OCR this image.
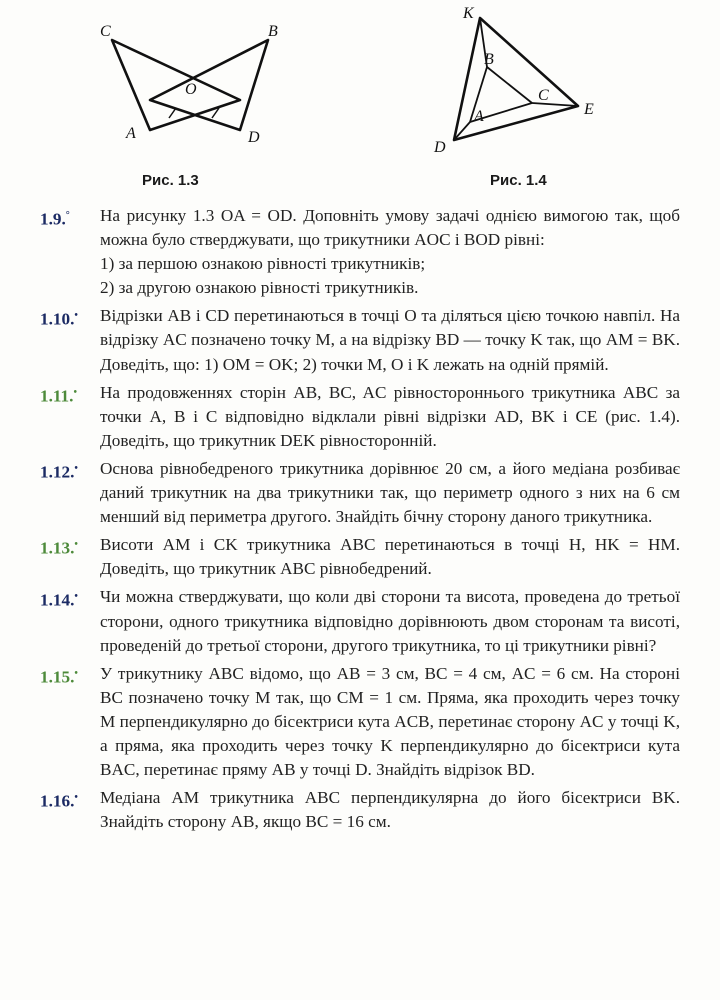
C	B
O
A	D
K
B
C
A	E
D
Рис. 1.3	Рис. 1.4
1.9.° На рисунку 1.3 OA = OD. Доповніть умову задачі однією вимогою так, щоб можна було стверджувати, що трикутники AOC і BOD рівні:
1) за першою ознакою рівності трикутників;
2) за другою ознакою рівності трикутників.
1.10.• Відрізки AB і CD перетинаються в точці O та діляться цією точкою навпіл. На відрізку AC позначено точку M, а на відрізку BD — точку K так, що AM = BK. Доведіть, що: 1) OM = OK; 2) точки M, O і K лежать на одній прямій.
1.11.• На продовженнях сторін AB, BC, AC рівностороннього трикутника ABC за точки A, B і C відповідно відклали рівні відрізки AD, BK і CE (рис. 1.4). Доведіть, що трикутник DEK рівносторонній.
1.12.• Основа рівнобедреного трикутника дорівнює 20 см, а його медіана розбиває даний трикутник на два трикутники так, що периметр одного з них на 6 см менший від периметра другого. Знайдіть бічну сторону даного трикутника.
1.13.• Висоти AM і CK трикутника ABC перетинаються в точці H, HK = HM. Доведіть, що трикутник ABC рівнобедрений.
1.14.• Чи можна стверджувати, що коли дві сторони та висота, проведена до третьої сторони, одного трикутника відповідно дорівнюють двом сторонам та висоті, проведеній до третьої сторони, другого трикутника, то ці трикутники рівні?
1.15.• У трикутнику ABC відомо, що AB = 3 см, BC = 4 см, AC = 6 см. На стороні BC позначено точку M так, що CM = 1 см. Пряма, яка проходить через точку M перпендикулярно до бісектриси кута ACB, перетинає сторону AC у точці K, а пряма, яка проходить через точку K перпендикулярно до бісектриси кута BAC, перетинає пряму AB у точці D. Знайдіть відрізок BD.
1.16.• Медіана AM трикутника ABC перпендикулярна до його бісектриси BK. Знайдіть сторону AB, якщо BC = 16 см.
